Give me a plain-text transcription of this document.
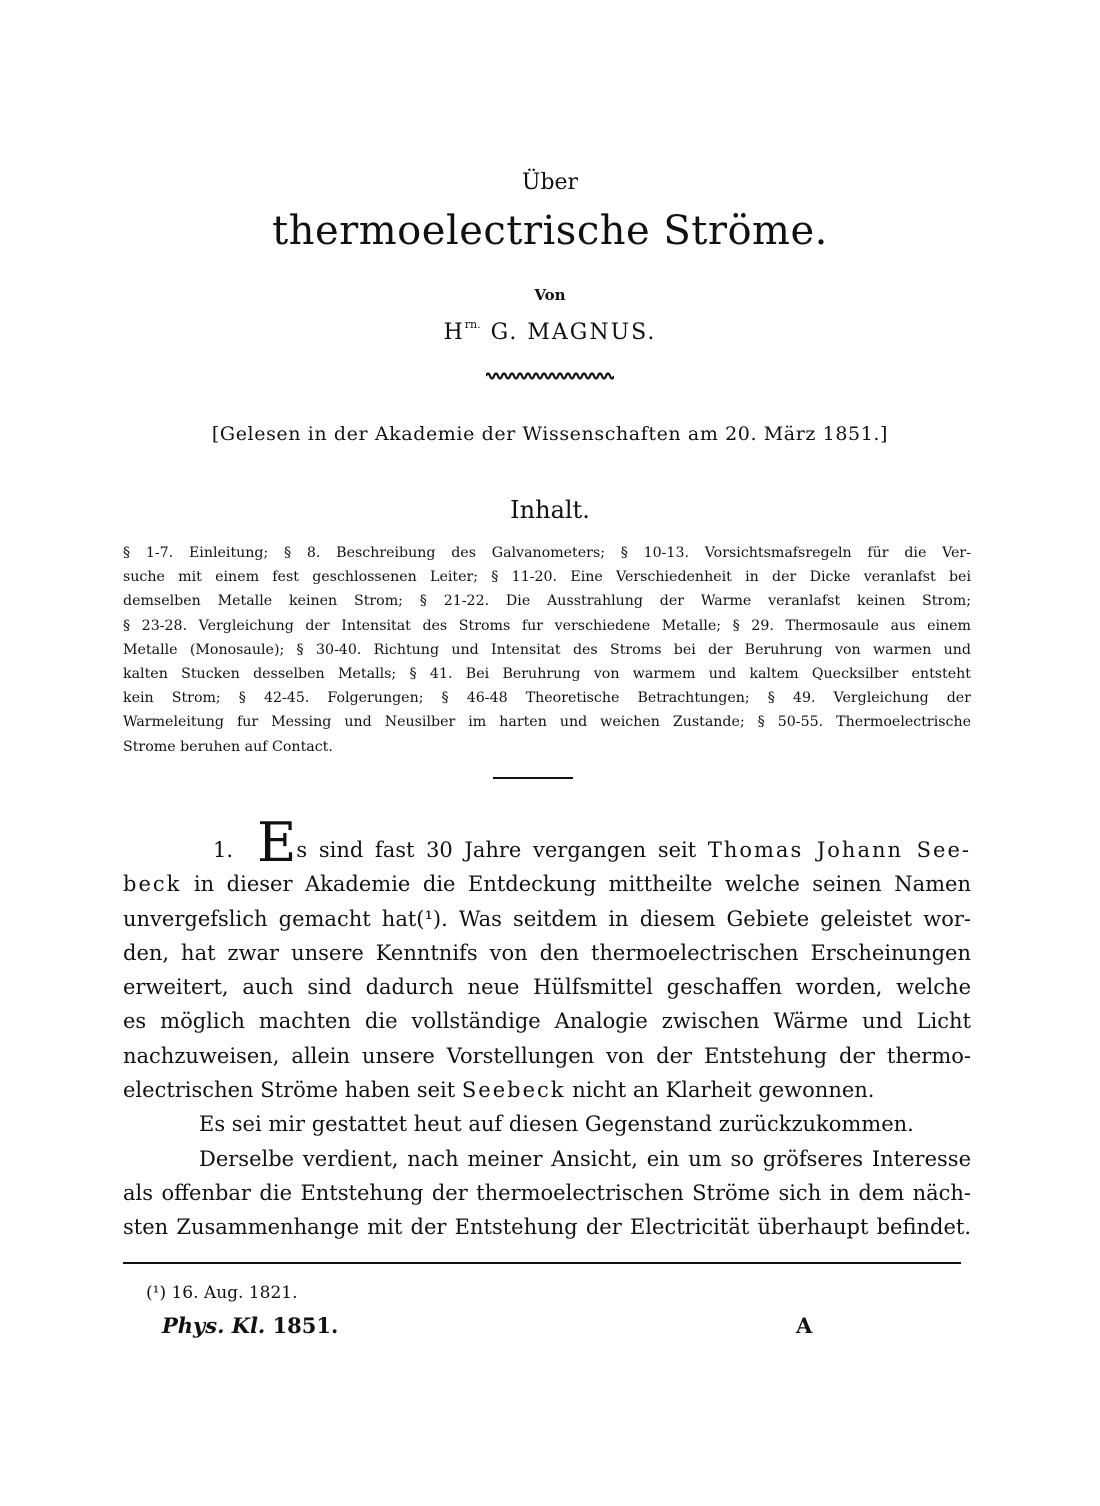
Über
thermoelectrische Ströme.
Von
$H^{rn.}$ G. MAGNUS.
[Gelesen in der Akademie der Wissenschaften am 20. März 1851.]
Inhalt.
§ 1-7. Einleitung; § 8. Beschreibung des Galvanometers; § 10-13. Vorsichtsmafsregeln für die Ver-
suche mit einem fest geschlossenen Leiter; § 11-20. Eine Verschiedenheit in der Dicke veranlafst bei
demselben Metalle keinen Strom; § 21-22. Die Ausstrahlung der Warme veranlafst keinen Strom;
§ 23-28. Vergleichung der Intensitat des Stroms fur verschiedene Metalle; § 29. Thermosaule aus einem
Metalle (Monosaule); § 30-40. Richtung und Intensitat des Stroms bei der Beruhrung von warmen und
kalten Stucken desselben Metalls; § 41. Bei Beruhrung von warmem und kaltem Quecksilber entsteht
kein Strom; § 42-45. Folgerungen; § 46-48 Theoretische Betrachtungen; § 49. Vergleichung der
Warmeleitung fur Messing und Neusilber im harten und weichen Zustande; § 50-55. Thermoelectrische
Strome beruhen auf Contact.
1. Es sind fast 30 Jahre vergangen seit Thomas Johann See-
beck in dieser Akademie die Entdeckung mittheilte welche seinen Namen
unvergefslich gemacht hat(¹). Was seitdem in diesem Gebiete geleistet wor-
den, hat zwar unsere Kenntnifs von den thermoelectrischen Erscheinungen
erweitert, auch sind dadurch neue Hülfsmittel geschaffen worden, welche
es möglich machten die vollständige Analogie zwischen Wärme und Licht
nachzuweisen, allein unsere Vorstellungen von der Entstehung der thermo-
electrischen Ströme haben seit Seebeck nicht an Klarheit gewonnen.
Es sei mir gestattet heut auf diesen Gegenstand zurückzukommen.
Derselbe verdient, nach meiner Ansicht, ein um so gröfseres Interesse
als offenbar die Entstehung der thermoelectrischen Ströme sich in dem näch-
sten Zusammenhange mit der Entstehung der Electricität überhaupt befindet.
(¹) 16. Aug. 1821.
Phys. Kl. 1851.	A
